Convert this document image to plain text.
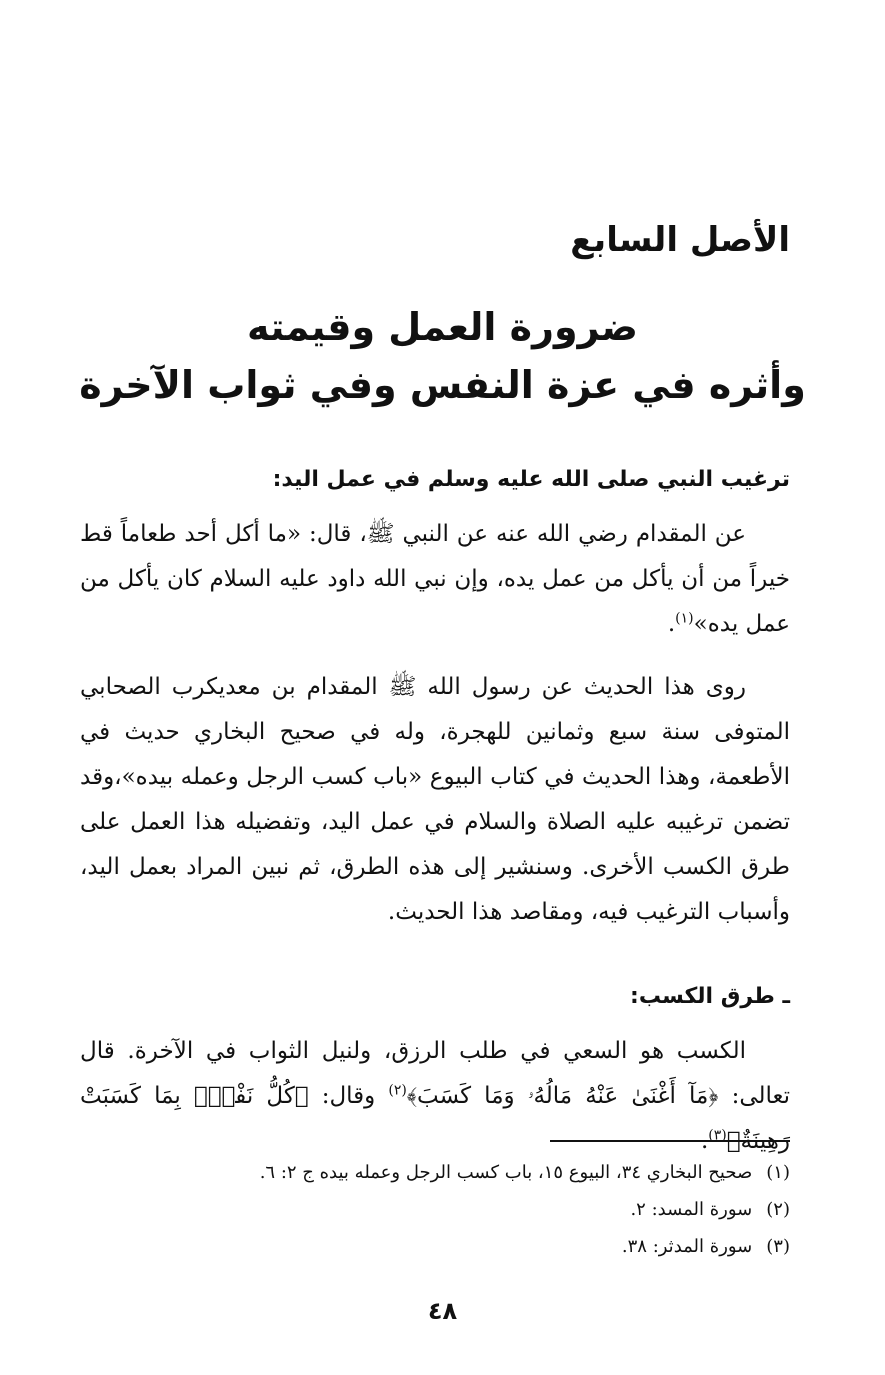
الأصل السابع
ضرورة العمل وقيمته
وأثره في عزة النفس وفي ثواب الآخرة
ترغيب النبي صلى الله عليه وسلم في عمل اليد:

عن المقدام رضي الله عنه عن النبي ﷺ، قال: «ما أكل أحد طعاماً قط خيراً من أن يأكل من عمل يده، وإن نبي الله داود عليه السلام كان يأكل من عمل يده»$^{(١)}$.

روى هذا الحديث عن رسول الله ﷺ المقدام بن معديكرب الصحابي المتوفى سنة سبع وثمانين للهجرة، وله في صحيح البخاري حديث في الأطعمة، وهذا الحديث في كتاب البيوع «باب كسب الرجل وعمله بيده»،وقد تضمن ترغيبه عليه الصلاة والسلام في عمل اليد، وتفضيله هذا العمل على طرق الكسب الأخرى. وسنشير إلى هذه الطرق، ثم نبين المراد بعمل اليد، وأسباب الترغيب فيه، ومقاصد هذا الحديث.

ـ طرق الكسب:

الكسب هو السعي في طلب الرزق، ولنيل الثواب في الآخرة. قال تعالى: ﴿مَآ أَغْنَىٰ عَنْهُ مَالُهُۥ وَمَا كَسَبَ﴾$^{(٢)}$ وقال: ﴿كُلُّ نَفْسٍۭ بِمَا كَسَبَتْ رَهِينَةٌ﴾$^{(٣)}$.

(١)صحيح البخاري ٣٤، البيوع ١٥، باب كسب الرجل وعمله بيده ج ٢: ٦.
(٢)سورة المسد: ٢.
(٣)سورة المدثر: ٣٨.
٤٨
